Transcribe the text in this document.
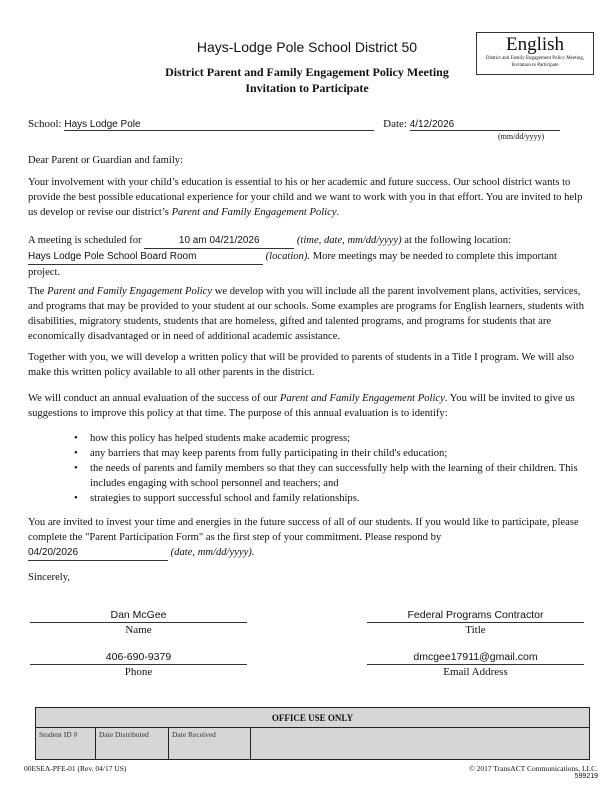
English
District and Family Engagement Policy Meeting, Invitation to Participate
Hays-Lodge Pole School District 50
District Parent and Family Engagement Policy Meeting
Invitation to Participate
School: Hays Lodge Pole	Date: 4/12/2026
(mm/dd/yyyy)

Dear Parent or Guardian and family:

Your involvement with your child’s education is essential to his or her academic and future success. Our school district wants to provide the best possible educational experience for your child and we want to work with you in that effort. You are invited to help us develop or revise our district’s Parent and Family Engagement Policy.

A meeting is scheduled for	10 am 04/21/2026	(time, date, mm/dd/yyyy) at the following location:
Hays Lodge Pole School Board Room	(location). More meetings may be needed to complete this important project.

The Parent and Family Engagement Policy we develop with you will include all the parent involvement plans, activities, services, and programs that may be provided to your student at our schools. Some examples are programs for English learners, students with disabilities, migratory students, students that are homeless, gifted and talented programs, and programs for students that are economically disadvantaged or in need of additional academic assistance.

Together with you, we will develop a written policy that will be provided to parents of students in a Title I program. We will also make this written policy available to all other parents in the district.

We will conduct an annual evaluation of the success of our Parent and Family Engagement Policy. You will be invited to give us suggestions to improve this policy at that time. The purpose of this annual evaluation is to identify:

• how this policy has helped students make academic progress;
• any barriers that may keep parents from fully participating in their child's education;
• the needs of parents and family members so that they can successfully help with the learning of their children. This includes engaging with school personnel and teachers; and
• strategies to support successful school and family relationships.

You are invited to invest your time and energies in the future success of all of our students. If you would like to participate, please complete the "Parent Participation Form" as the first step of your commitment. Please respond by
04/20/2026	(date, mm/dd/yyyy).

Sincerely,

Dan McGee
Name
Federal Programs Contractor
Title
406-690-9379
Phone
dmcgee17911@gmail.com
Email Address
OFFICE USE ONLY
Student ID #	Date Distributed	Date Received	
00ESEA-PFE-01 (Rev. 04/17 US)	© 2017 TransACT Communications, LLC.
599219
